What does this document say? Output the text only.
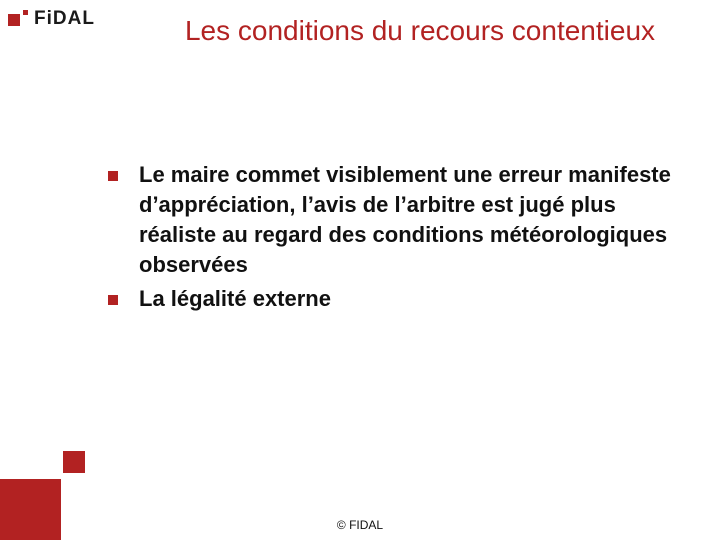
FiDAL	Les conditions du recours contentieux
Le maire commet visiblement une erreur manifeste d’appréciation, l’avis de l’arbitre est jugé plus réaliste au regard des conditions météorologiques observées
La légalité externe
© FIDAL
